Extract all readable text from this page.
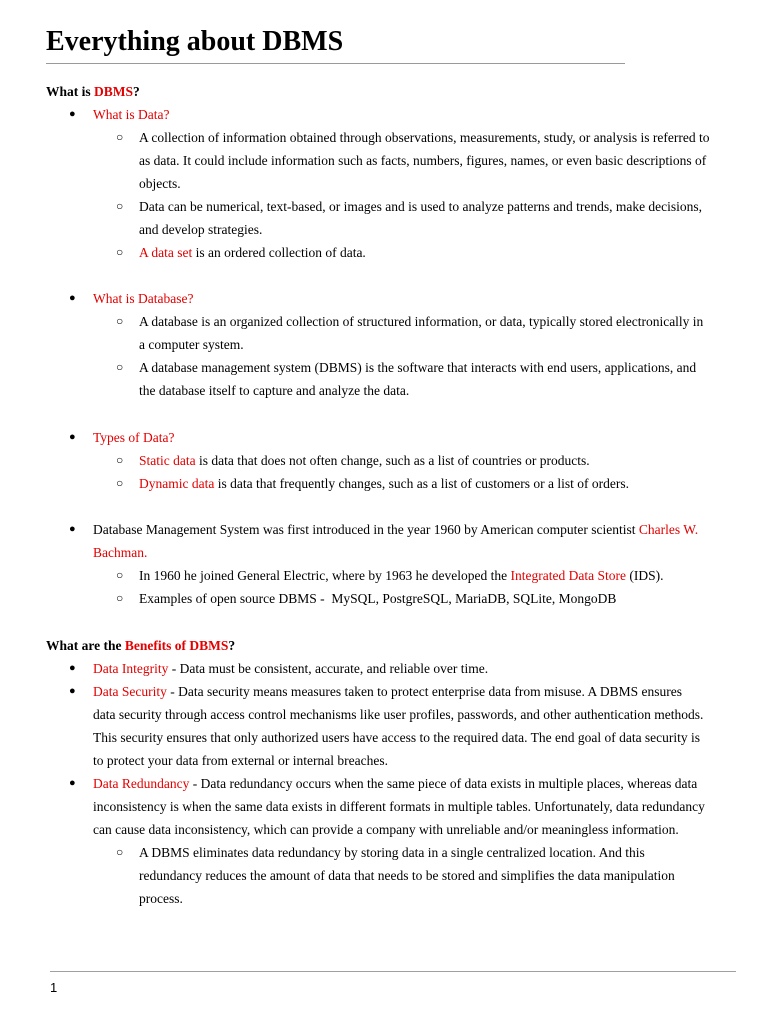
Everything about DBMS
What is DBMS?
● What is Data?
○ A collection of information obtained through observations, measurements, study, or analysis is referred to
as data. It could include information such as facts, numbers, figures, names, or even basic descriptions of
objects.
○ Data can be numerical, text-based, or images and is used to analyze patterns and trends, make decisions,
and develop strategies.
○ A data set is an ordered collection of data.
● What is Database?
○ A database is an organized collection of structured information, or data, typically stored electronically in
a computer system.
○ A database management system (DBMS) is the software that interacts with end users, applications, and
the database itself to capture and analyze the data.
● Types of Data?
○ Static data is data that does not often change, such as a list of countries or products.
○ Dynamic data is data that frequently changes, such as a list of customers or a list of orders.
● Database Management System was first introduced in the year 1960 by American computer scientist Charles W.
Bachman.
○ In 1960 he joined General Electric, where by 1963 he developed the Integrated Data Store (IDS).
○ Examples of open source DBMS -  MySQL, PostgreSQL, MariaDB, SQLite, MongoDB
What are the Benefits of DBMS?
● Data Integrity - Data must be consistent, accurate, and reliable over time.
● Data Security - Data security means measures taken to protect enterprise data from misuse. A DBMS ensures
data security through access control mechanisms like user profiles, passwords, and other authentication methods.
This security ensures that only authorized users have access to the required data. The end goal of data security is
to protect your data from external or internal breaches.
● Data Redundancy - Data redundancy occurs when the same piece of data exists in multiple places, whereas data
inconsistency is when the same data exists in different formats in multiple tables. Unfortunately, data redundancy
can cause data inconsistency, which can provide a company with unreliable and/or meaningless information.
○ A DBMS eliminates data redundancy by storing data in a single centralized location. And this
redundancy reduces the amount of data that needs to be stored and simplifies the data manipulation
process.
1
